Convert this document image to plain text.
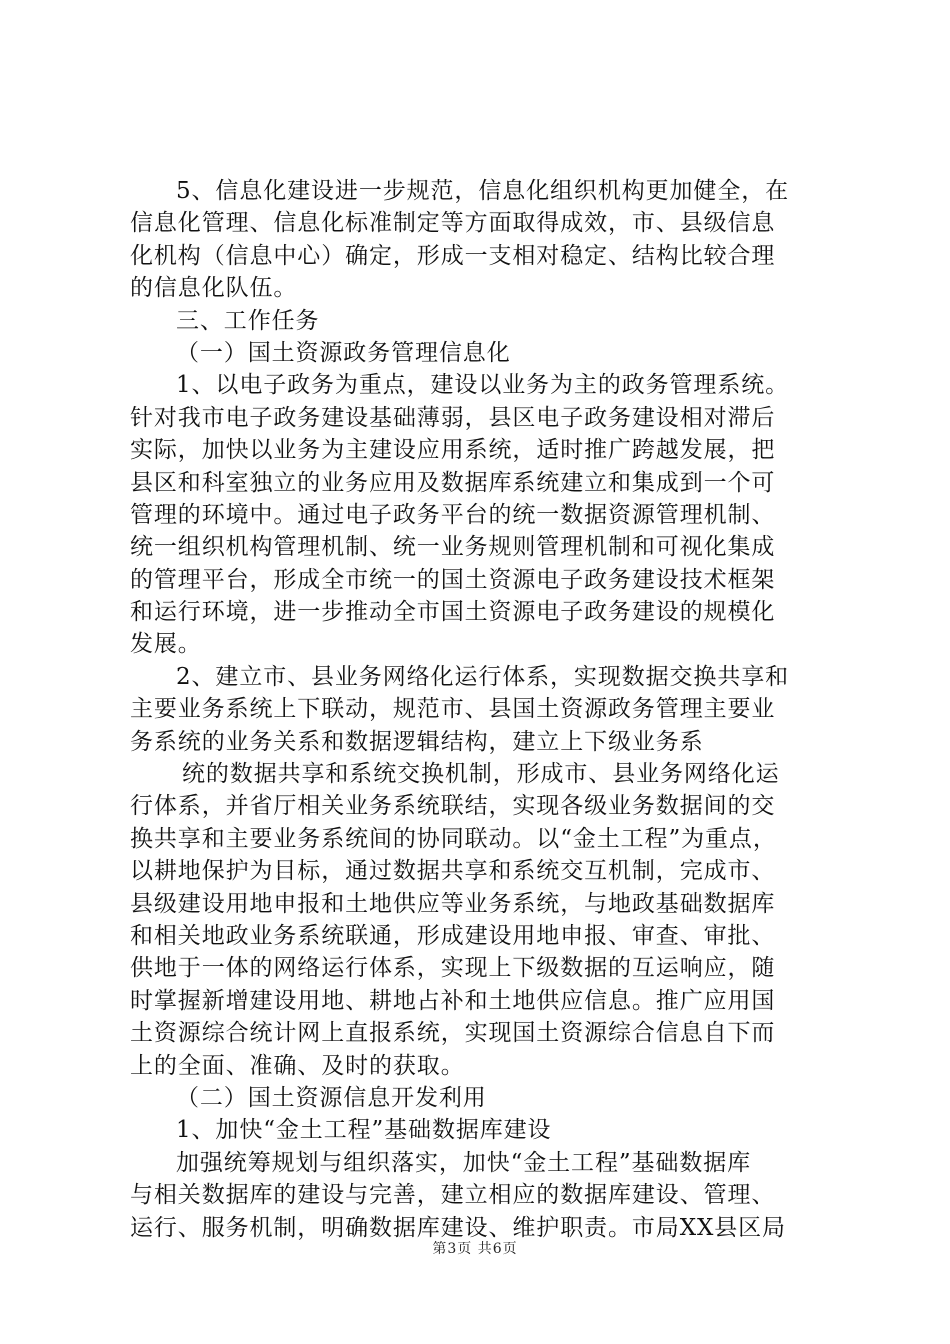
5、信息化建设进一步规范，信息化组织机构更加健全，在
信息化管理、信息化标准制定等方面取得成效，市、县级信息
化机构（信息中心）确定，形成一支相对稳定、结构比较合理
的信息化队伍。
三、工作任务
（一）国土资源政务管理信息化
1、以电子政务为重点，建设以业务为主的政务管理系统。
针对我市电子政务建设基础薄弱，县区电子政务建设相对滞后
实际，加快以业务为主建设应用系统，适时推广跨越发展，把
县区和科室独立的业务应用及数据库系统建立和集成到一个可
管理的环境中。通过电子政务平台的统一数据资源管理机制、
统一组织机构管理机制、统一业务规则管理机制和可视化集成
的管理平台，形成全市统一的国土资源电子政务建设技术框架
和运行环境，进一步推动全市国土资源电子政务建设的规模化
发展。
2、建立市、县业务网络化运行体系，实现数据交换共享和
主要业务系统上下联动，规范市、县国土资源政务管理主要业
务系统的业务关系和数据逻辑结构，建立上下级业务系
统的数据共享和系统交换机制，形成市、县业务网络化运
行体系，并省厅相关业务系统联结，实现各级业务数据间的交
换共享和主要业务系统间的协同联动。以“金土工程”为重点，
以耕地保护为目标，通过数据共享和系统交互机制，完成市、
县级建设用地申报和土地供应等业务系统，与地政基础数据库
和相关地政业务系统联通，形成建设用地申报、审查、审批、
供地于一体的网络运行体系，实现上下级数据的互运响应，随
时掌握新增建设用地、耕地占补和土地供应信息。推广应用国
土资源综合统计网上直报系统，实现国土资源综合信息自下而
上的全面、准确、及时的获取。
（二）国土资源信息开发利用
1、加快“金土工程”基础数据库建设
加强统筹规划与组织落实，加快“金土工程”基础数据库
与相关数据库的建设与完善，建立相应的数据库建设、管理、
运行、服务机制，明确数据库建设、维护职责。市局XX县区局
第3页 共6页
